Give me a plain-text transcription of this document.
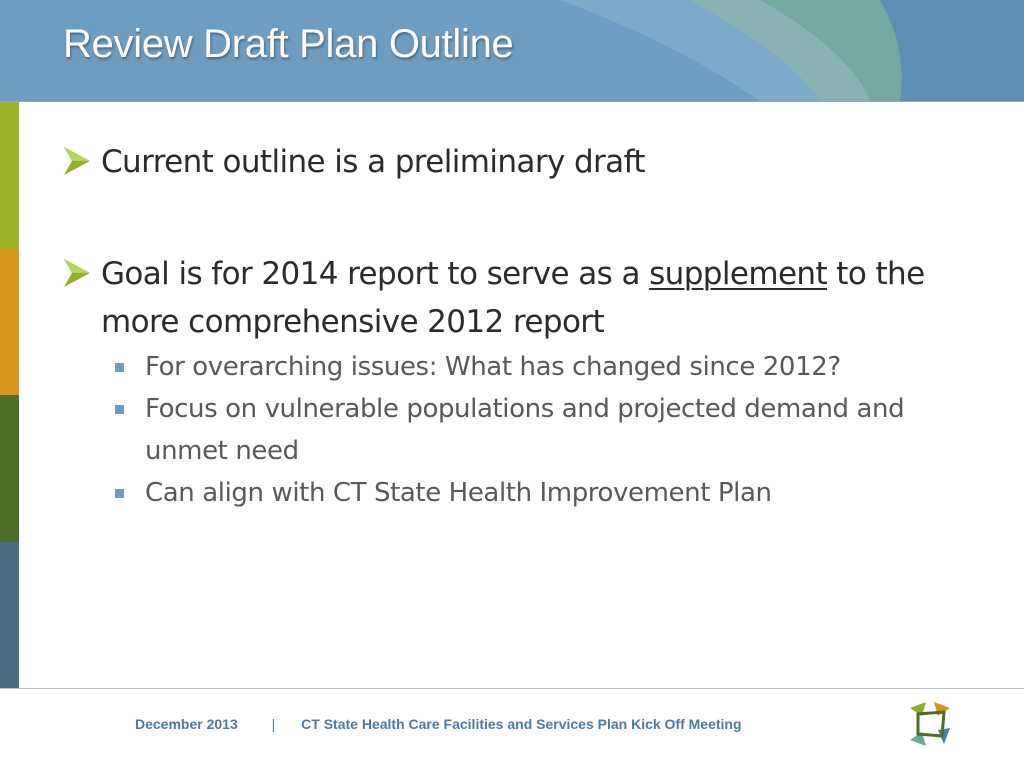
Review Draft Plan Outline
Current outline is a preliminary draft
Goal is for 2014 report to serve as a supplement to the more comprehensive 2012 report
For overarching issues: What has changed since 2012?
Focus on vulnerable populations and projected demand and unmet need
Can align with CT State Health Improvement Plan
December 2013 | CT State Health Care Facilities and Services Plan Kick Off Meeting
